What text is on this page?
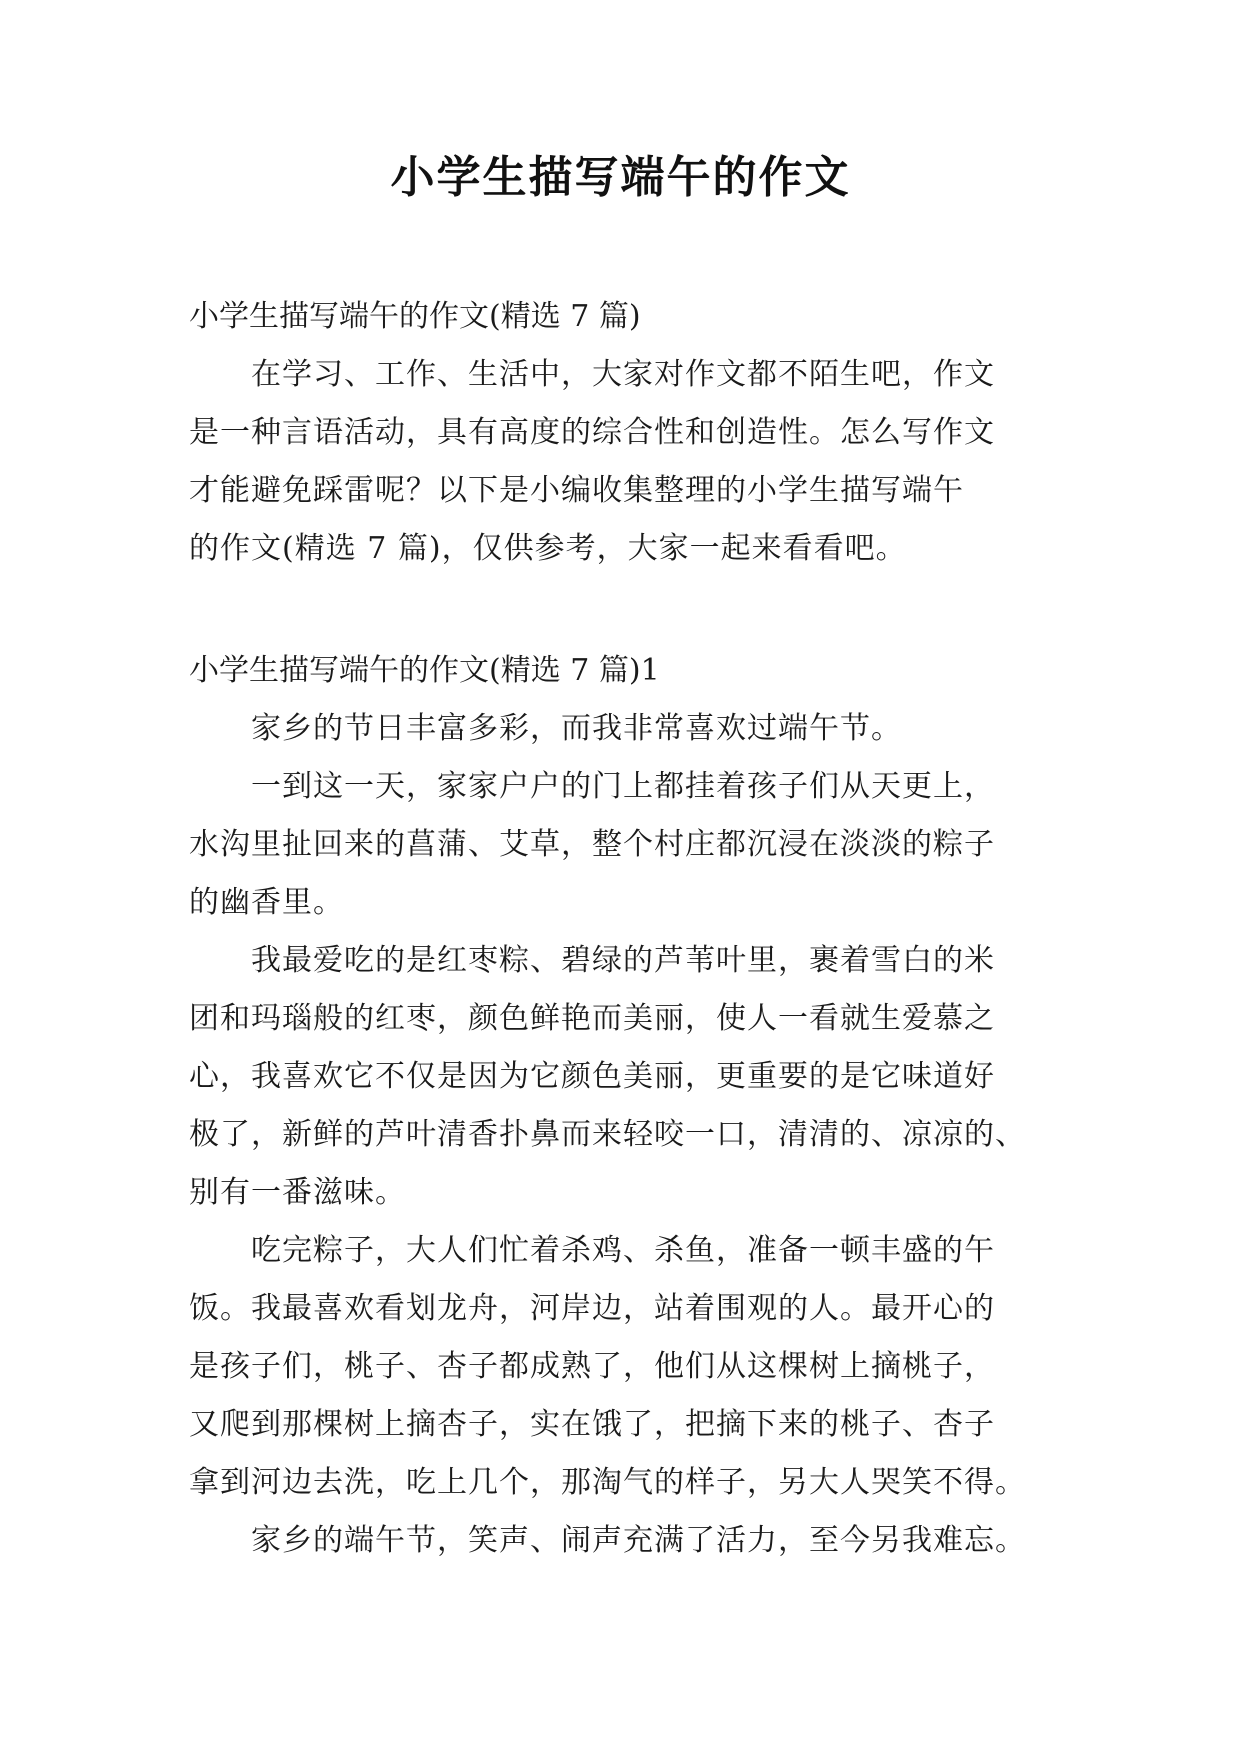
小学生描写端午的作文

小学生描写端午的作文(精选 7 篇)

　　在学习、工作、生活中，大家对作文都不陌生吧，作文

是一种言语活动，具有高度的综合性和创造性。怎么写作文

才能避免踩雷呢？以下是小编收集整理的小学生描写端午

的作文(精选 7 篇)，仅供参考，大家一起来看看吧。

小学生描写端午的作文(精选 7 篇)1

　　家乡的节日丰富多彩，而我非常喜欢过端午节。

　　一到这一天，家家户户的门上都挂着孩子们从天更上，

水沟里扯回来的菖蒲、艾草，整个村庄都沉浸在淡淡的粽子

的幽香里。

　　我最爱吃的是红枣粽、碧绿的芦苇叶里，裹着雪白的米

团和玛瑙般的红枣，颜色鲜艳而美丽，使人一看就生爱慕之

心，我喜欢它不仅是因为它颜色美丽，更重要的是它味道好

极了，新鲜的芦叶清香扑鼻而来轻咬一口，清清的、凉凉的、

别有一番滋味。

　　吃完粽子，大人们忙着杀鸡、杀鱼，准备一顿丰盛的午

饭。我最喜欢看划龙舟，河岸边，站着围观的人。最开心的

是孩子们，桃子、杏子都成熟了，他们从这棵树上摘桃子，

又爬到那棵树上摘杏子，实在饿了，把摘下来的桃子、杏子

拿到河边去洗，吃上几个，那淘气的样子，另大人哭笑不得。

　　家乡的端午节，笑声、闹声充满了活力，至今另我难忘。
